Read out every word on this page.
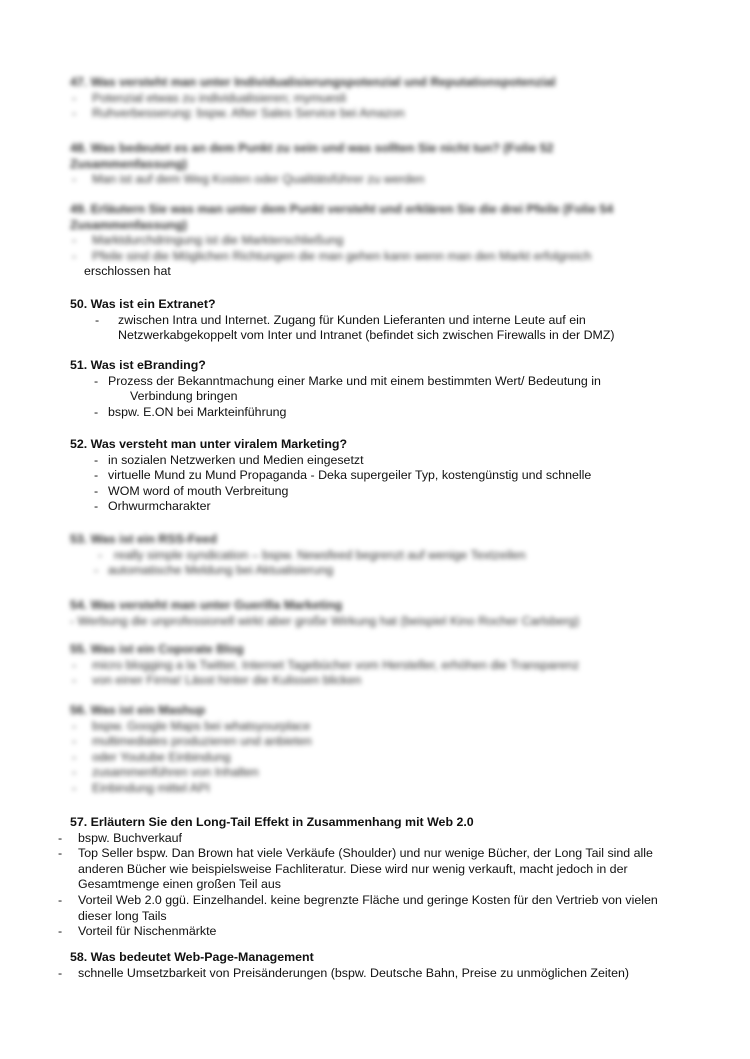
47. Was versteht man unter Individualisierungspotenzial und Reputationspotenzial

- Potenzial etwas zu individualisieren; mymuesli
- Ruhverbesserung: bspw. After Sales Service bei Amazon

48. Was bedeutet es an dem Punkt zu sein und was sollten Sie nicht tun? (Folie 52 Zusammenfassung)

- Man ist auf dem Weg Kosten oder Qualitätsführer zu werden

49. Erläutern Sie was man unter dem Punkt versteht und erklären Sie die drei Pfeile (Folie 54 Zusammenfassung)

- Marktdurchdringung ist die Markterschließung
- Pfeile sind die Möglichen Richtungen die man gehen kann wenn man den Markt erfolgreich

erschlossen hat

50. Was ist ein Extranet?

- zwischen Intra und Internet. Zugang für Kunden Lieferanten und interne Leute auf ein Netzwerkabgekoppelt vom Inter und Intranet (befindet sich zwischen Firewalls in der DMZ)

51. Was ist eBranding?

- Prozess der Bekanntmachung einer Marke und mit einem bestimmten Wert/ Bedeutung in
Verbindung bringen
- bspw. E.ON bei Markteinführung

52. Was versteht man unter viralem Marketing?

- in sozialen Netzwerken und Medien eingesetzt
- virtuelle Mund zu Mund Propaganda - Deka supergeiler Typ, kostengünstig und schnelle
- WOM word of mouth Verbreitung
- Orhwurmcharakter

53. Was ist ein RSS-Feed

- really simple syndication – bspw. Newsfeed begrenzt auf wenige Textzeilen
- automatische Meldung bei Aktualisierung

54. Was versteht man unter Guerilla Marketing

- Werbung die unprofessionell wirkt aber große Wirkung hat (beispiel Kino Rocher Carlsberg)

55. Was ist ein Coporate Blog

- micro blogging a la Twitter, Internet Tagebücher vom Hersteller, erhöhen die Transparenz
- von einer Firma! Lässt hinter die Kulissen blicken

56. Was ist ein Mashup

- bspw. Google Maps bei whatsyourplace
- multimediales produzieren und anbieten
- oder Youtube Einbindung
- zusammenführen von Inhalten
- Einbindung mittel API

57. Erläutern Sie den Long-Tail Effekt in Zusammenhang mit Web 2.0

- bspw. Buchverkauf
- Top Seller bspw. Dan Brown hat viele Verkäufe (Shoulder) und nur wenige Bücher, der Long Tail sind alle anderen Bücher wie beispielsweise Fachliteratur. Diese wird nur wenig verkauft, macht jedoch in der Gesamtmenge einen großen Teil aus
- Vorteil Web 2.0 ggü. Einzelhandel. keine begrenzte Fläche und geringe Kosten für den Vertrieb von vielen dieser long Tails
- Vorteil für Nischenmärkte

58. Was bedeutet Web-Page-Management

- schnelle Umsetzbarkeit von Preisänderungen (bspw. Deutsche Bahn, Preise zu unmöglichen Zeiten)
